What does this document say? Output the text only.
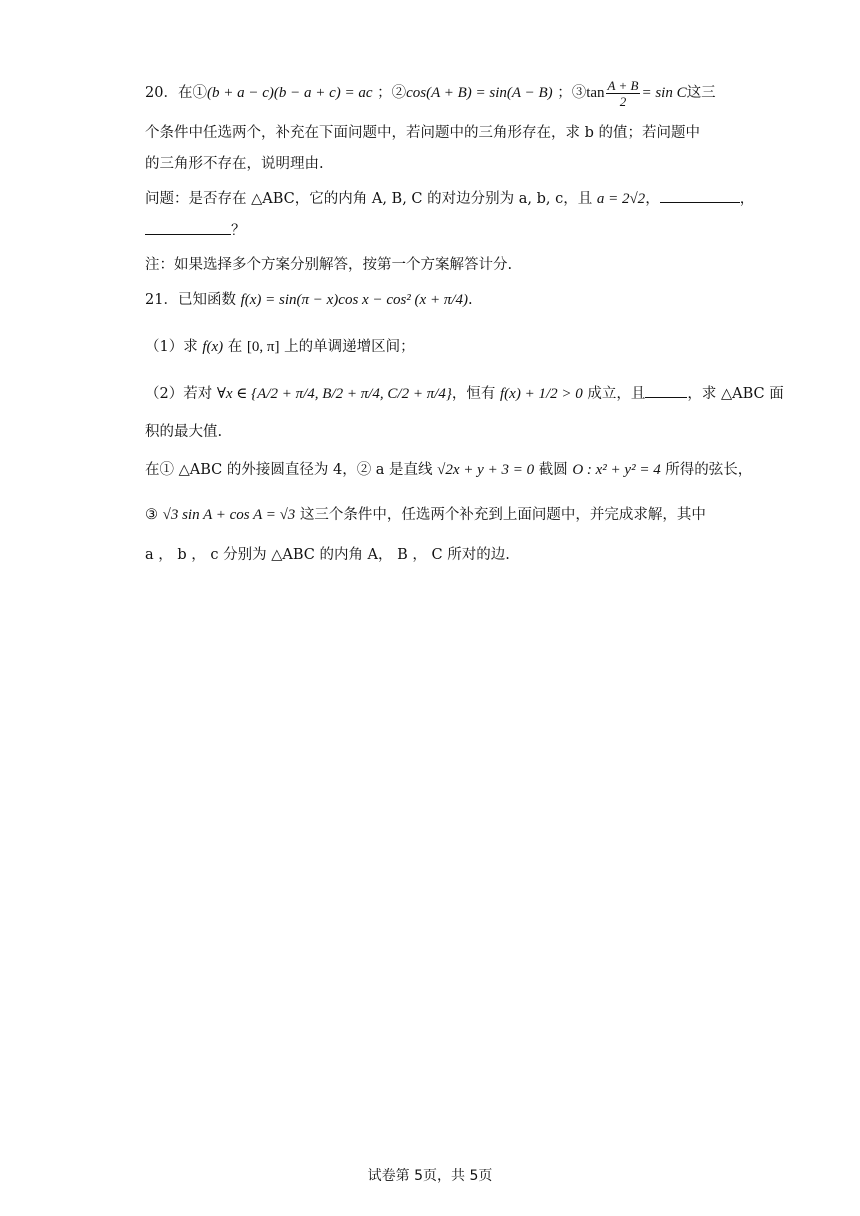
20．在①(b + a − c)(b − a + c) = ac ；②cos(A + B) = sin(A − B) ；③tan $\frac{A + B}{2} = \sin C$这三
个条件中任选两个，补充在下面问题中，若问题中的三角形存在，求 b 的值；若问题中
的三角形不存在，说明理由.
问题：是否存在 △ABC，它的内角 A, B, C 的对边分别为 a, b, c，且 a = 2√2，	，
？
注：如果选择多个方案分别解答，按第一个方案解答计分.
21．已知函数 f(x) = sin(π − x)cos x − cos² (x + π/4).
（1）求 f(x) 在 [0, π] 上的单调递增区间；
（2）若对 ∀x ∈ {A/2 + π/4, B/2 + π/4, C/2 + π/4}，恒有 f(x) + 1/2 > 0 成立，且	，求 △ABC 面
积的最大值.
在① △ABC 的外接圆直径为 4，② a 是直线 √2x + y + 3 = 0 截圆 O : x² + y² = 4 所得的弦长，
③ √3 sin A + cos A = √3 这三个条件中，任选两个补充到上面问题中，并完成求解，其中
a ， b ， c 分别为 △ABC 的内角 A， B ， C 所对的边.
试卷第 5页，共 5页
